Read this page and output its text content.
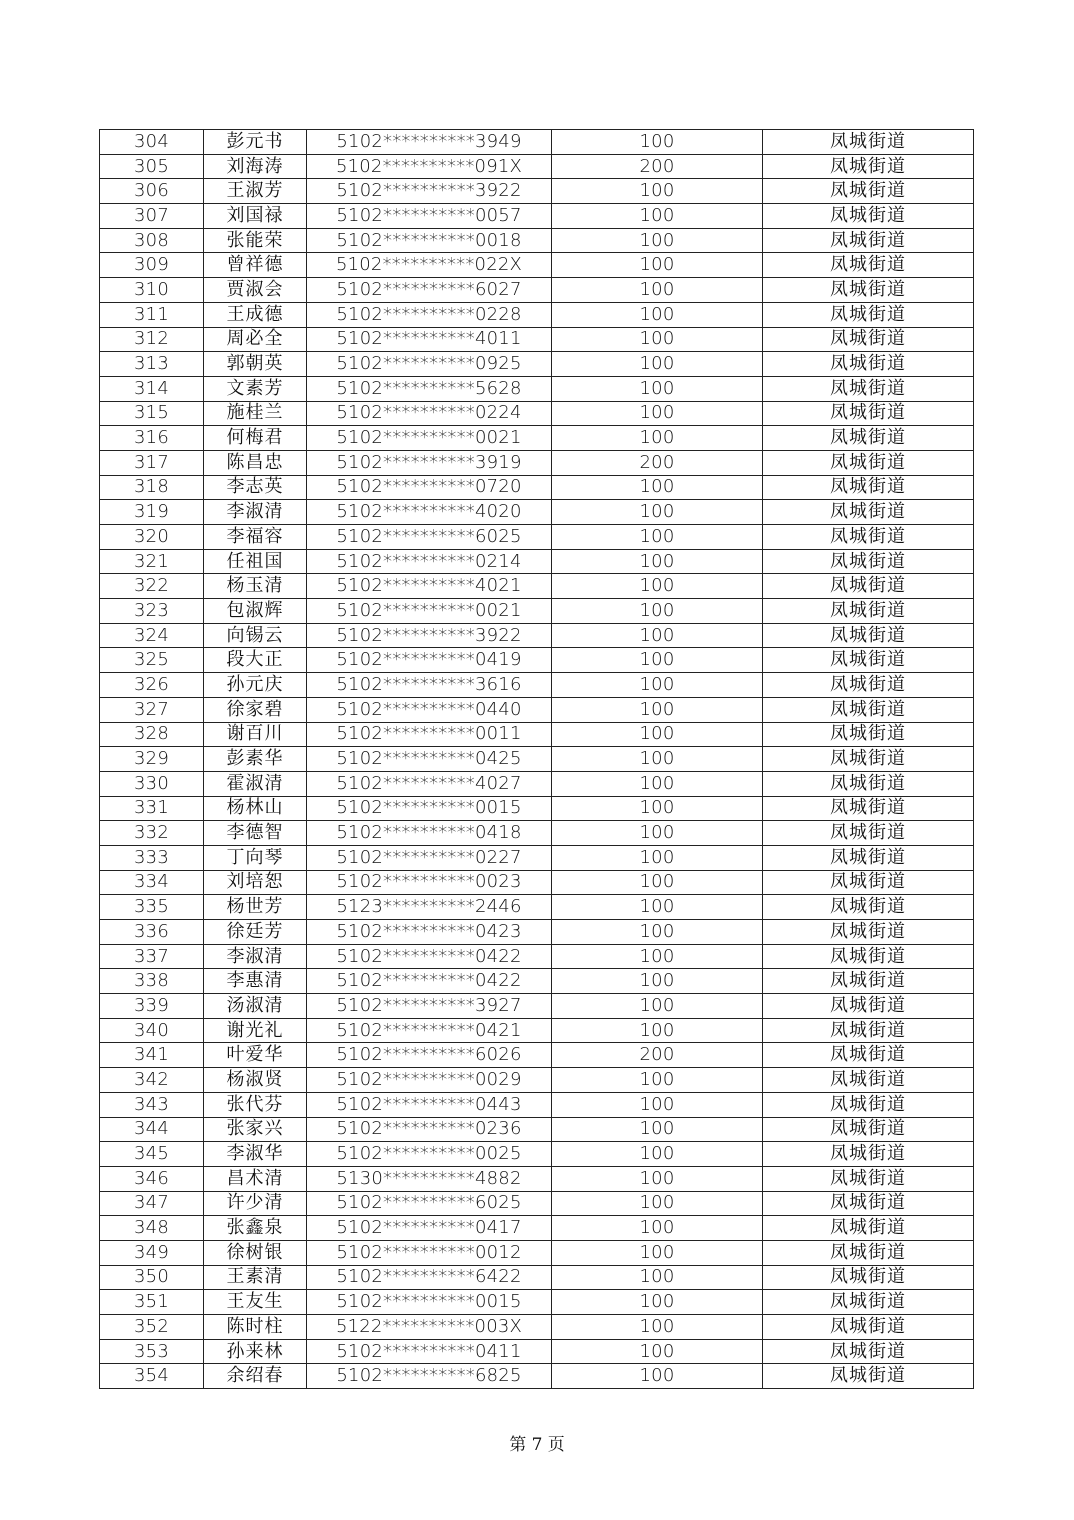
304	彭元书	5102**********3949	100	凤城街道
305	刘海涛	5102**********091X	200	凤城街道
306	王淑芳	5102**********3922	100	凤城街道
307	刘国禄	5102**********0057	100	凤城街道
308	张能荣	5102**********0018	100	凤城街道
309	曾祥德	5102**********022X	100	凤城街道
310	贾淑会	5102**********6027	100	凤城街道
311	王成德	5102**********0228	100	凤城街道
312	周必全	5102**********4011	100	凤城街道
313	郭朝英	5102**********0925	100	凤城街道
314	文素芳	5102**********5628	100	凤城街道
315	施桂兰	5102**********0224	100	凤城街道
316	何梅君	5102**********0021	100	凤城街道
317	陈昌忠	5102**********3919	200	凤城街道
318	李志英	5102**********0720	100	凤城街道
319	李淑清	5102**********4020	100	凤城街道
320	李福容	5102**********6025	100	凤城街道
321	任祖国	5102**********0214	100	凤城街道
322	杨玉清	5102**********4021	100	凤城街道
323	包淑辉	5102**********0021	100	凤城街道
324	向锡云	5102**********3922	100	凤城街道
325	段大正	5102**********0419	100	凤城街道
326	孙元庆	5102**********3616	100	凤城街道
327	徐家碧	5102**********0440	100	凤城街道
328	谢百川	5102**********0011	100	凤城街道
329	彭素华	5102**********0425	100	凤城街道
330	霍淑清	5102**********4027	100	凤城街道
331	杨林山	5102**********0015	100	凤城街道
332	李德智	5102**********0418	100	凤城街道
333	丁向琴	5102**********0227	100	凤城街道
334	刘培恕	5102**********0023	100	凤城街道
335	杨世芳	5123**********2446	100	凤城街道
336	徐廷芳	5102**********0423	100	凤城街道
337	李淑清	5102**********0422	100	凤城街道
338	李惠清	5102**********0422	100	凤城街道
339	汤淑清	5102**********3927	100	凤城街道
340	谢光礼	5102**********0421	100	凤城街道
341	叶爱华	5102**********6026	200	凤城街道
342	杨淑贤	5102**********0029	100	凤城街道
343	张代芬	5102**********0443	100	凤城街道
344	张家兴	5102**********0236	100	凤城街道
345	李淑华	5102**********0025	100	凤城街道
346	昌术清	5130**********4882	100	凤城街道
347	许少清	5102**********6025	100	凤城街道
348	张鑫泉	5102**********0417	100	凤城街道
349	徐树银	5102**********0012	100	凤城街道
350	王素清	5102**********6422	100	凤城街道
351	王友生	5102**********0015	100	凤城街道
352	陈时柱	5122**********003X	100	凤城街道
353	孙来林	5102**********0411	100	凤城街道
354	余绍春	5102**********6825	100	凤城街道
第 7 页
